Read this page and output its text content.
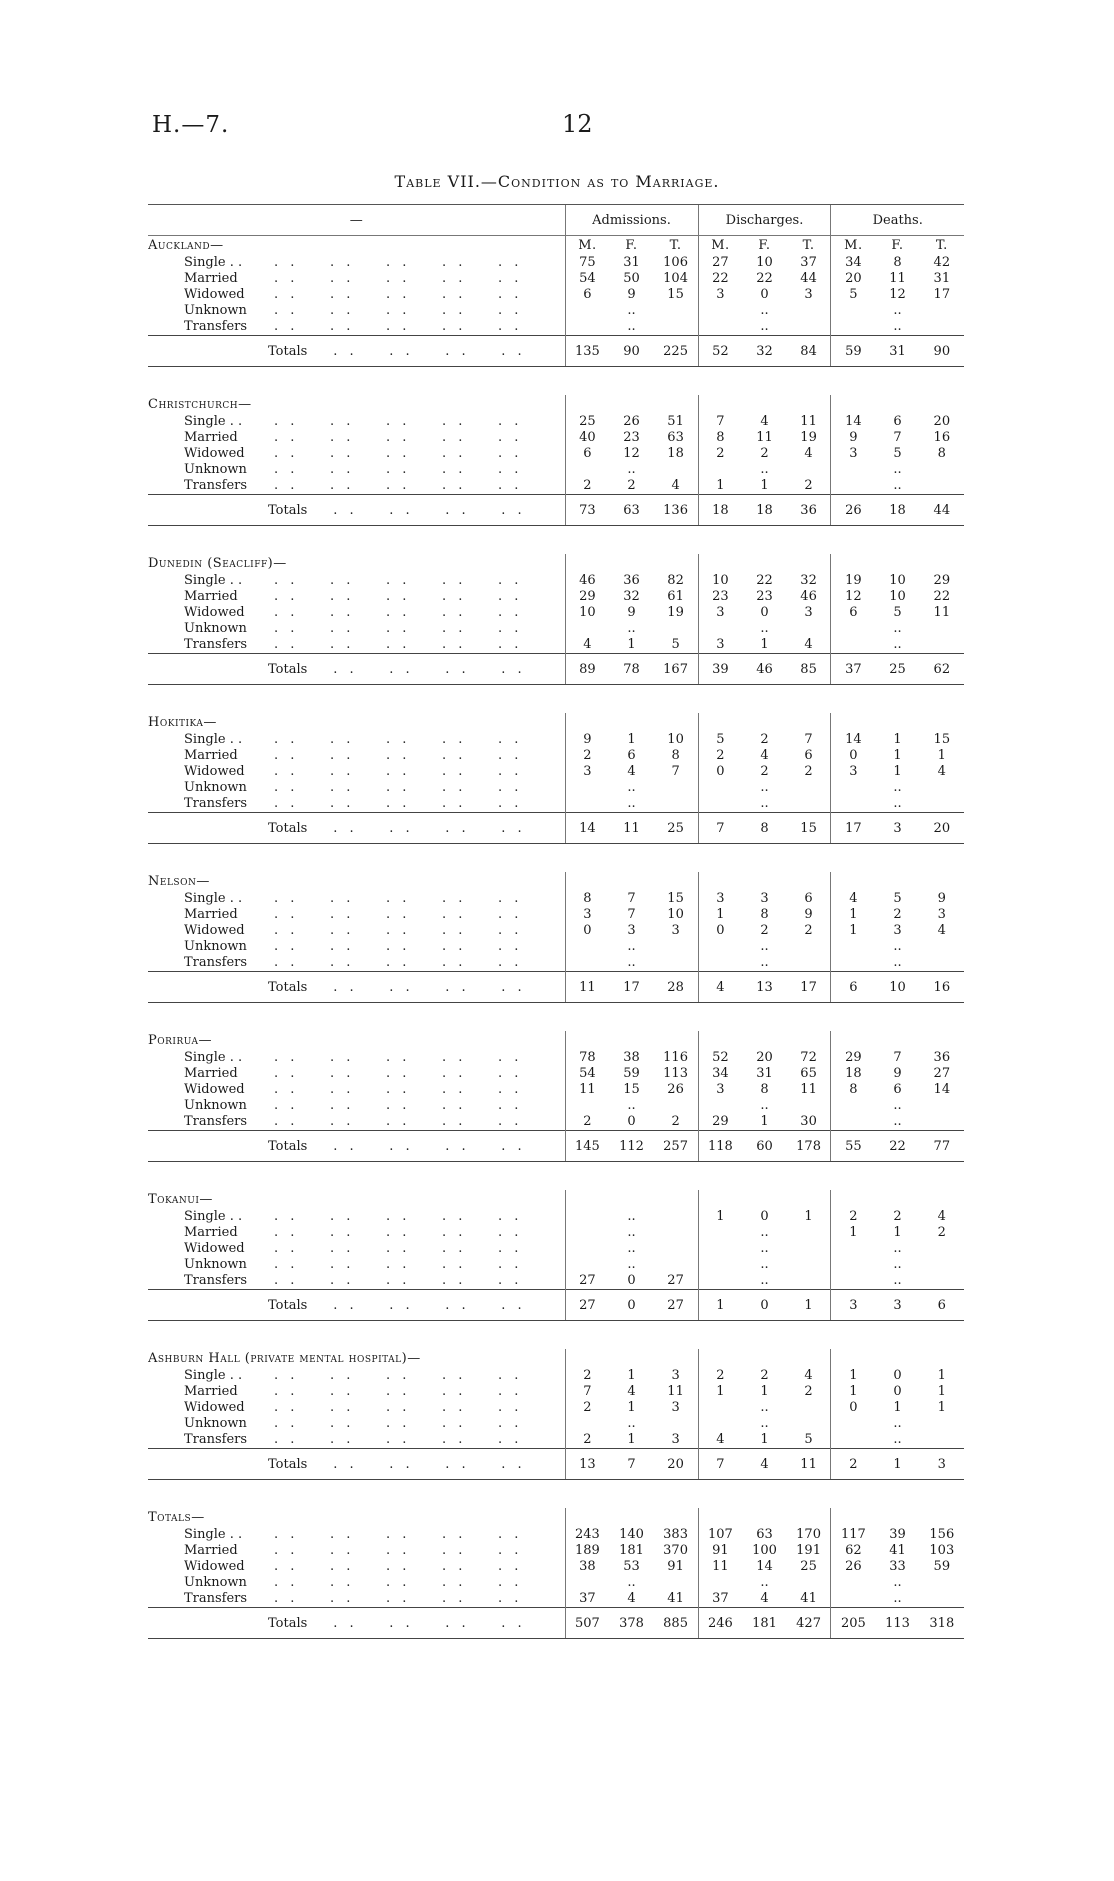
H.—7.	12
Table VII.—Condition as to Marriage.
—	Admissions.			Discharges.			Deaths.		
Auckland—	M.	F.	T.	M.	F.	T.	M.	F.	T.
Single . . . . . . . . . . . .	75	31	106	27	10	37	34	8	42
Married . . . . . . . . . .	54	50	104	22	22	44	20	11	31
Widowed . . . . . . . . . .	6	9	15	3	0	3	5	12	17
Unknown . . . . . . . . . .		..			..			..	
Transfers . . . . . . . . . .		..			..			..	
Totals . . . . . . . .	135	90	225	52	32	84	59	31	90

Christchurch—									
Single . . . . . . . . . . . .	25	26	51	7	4	11	14	6	20
Married . . . . . . . . . .	40	23	63	8	11	19	9	7	16
Widowed . . . . . . . . . .	6	12	18	2	2	4	3	5	8
Unknown . . . . . . . . . .		..			..			..	
Transfers . . . . . . . . . .	2	2	4	1	1	2		..	
Totals . . . . . . . .	73	63	136	18	18	36	26	18	44

Dunedin (Seacliff)—									
Single . . . . . . . . . . . .	46	36	82	10	22	32	19	10	29
Married . . . . . . . . . .	29	32	61	23	23	46	12	10	22
Widowed . . . . . . . . . .	10	9	19	3	0	3	6	5	11
Unknown . . . . . . . . . .		..			..			..	
Transfers . . . . . . . . . .	4	1	5	3	1	4		..	
Totals . . . . . . . .	89	78	167	39	46	85	37	25	62

Hokitika—									
Single . . . . . . . . . . . .	9	1	10	5	2	7	14	1	15
Married . . . . . . . . . .	2	6	8	2	4	6	0	1	1
Widowed . . . . . . . . . .	3	4	7	0	2	2	3	1	4
Unknown . . . . . . . . . .		..			..			..	
Transfers . . . . . . . . . .		..			..			..	
Totals . . . . . . . .	14	11	25	7	8	15	17	3	20

Nelson—									
Single . . . . . . . . . . . .	8	7	15	3	3	6	4	5	9
Married . . . . . . . . . .	3	7	10	1	8	9	1	2	3
Widowed . . . . . . . . . .	0	3	3	0	2	2	1	3	4
Unknown . . . . . . . . . .		..			..			..	
Transfers . . . . . . . . . .		..			..			..	
Totals . . . . . . . .	11	17	28	4	13	17	6	10	16

Porirua—									
Single . . . . . . . . . . . .	78	38	116	52	20	72	29	7	36
Married . . . . . . . . . .	54	59	113	34	31	65	18	9	27
Widowed . . . . . . . . . .	11	15	26	3	8	11	8	6	14
Unknown . . . . . . . . . .		..			..			..	
Transfers . . . . . . . . . .	2	0	2	29	1	30		..	
Totals . . . . . . . .	145	112	257	118	60	178	55	22	77

Tokanui—									
Single . . . . . . . . . . . .		..		1	0	1	2	2	4
Married . . . . . . . . . .		..			..		1	1	2
Widowed . . . . . . . . . .		..			..			..	
Unknown . . . . . . . . . .		..			..			..	
Transfers . . . . . . . . . .	27	0	27		..			..	
Totals . . . . . . . .	27	0	27	1	0	1	3	3	6

Ashburn Hall (private mental hospital)—									
Single . . . . . . . . . . . .	2	1	3	2	2	4	1	0	1
Married . . . . . . . . . .	7	4	11	1	1	2	1	0	1
Widowed . . . . . . . . . .	2	1	3		..		0	1	1
Unknown . . . . . . . . . .		..			..			..	
Transfers . . . . . . . . . .	2	1	3	4	1	5		..	
Totals . . . . . . . .	13	7	20	7	4	11	2	1	3

Totals—									
Single . . . . . . . . . . . .	243	140	383	107	63	170	117	39	156
Married . . . . . . . . . .	189	181	370	91	100	191	62	41	103
Widowed . . . . . . . . . .	38	53	91	11	14	25	26	33	59
Unknown . . . . . . . . . .		..			..			..	
Transfers . . . . . . . . . .	37	4	41	37	4	41		..	
Totals . . . . . . . .	507	378	885	246	181	427	205	113	318
